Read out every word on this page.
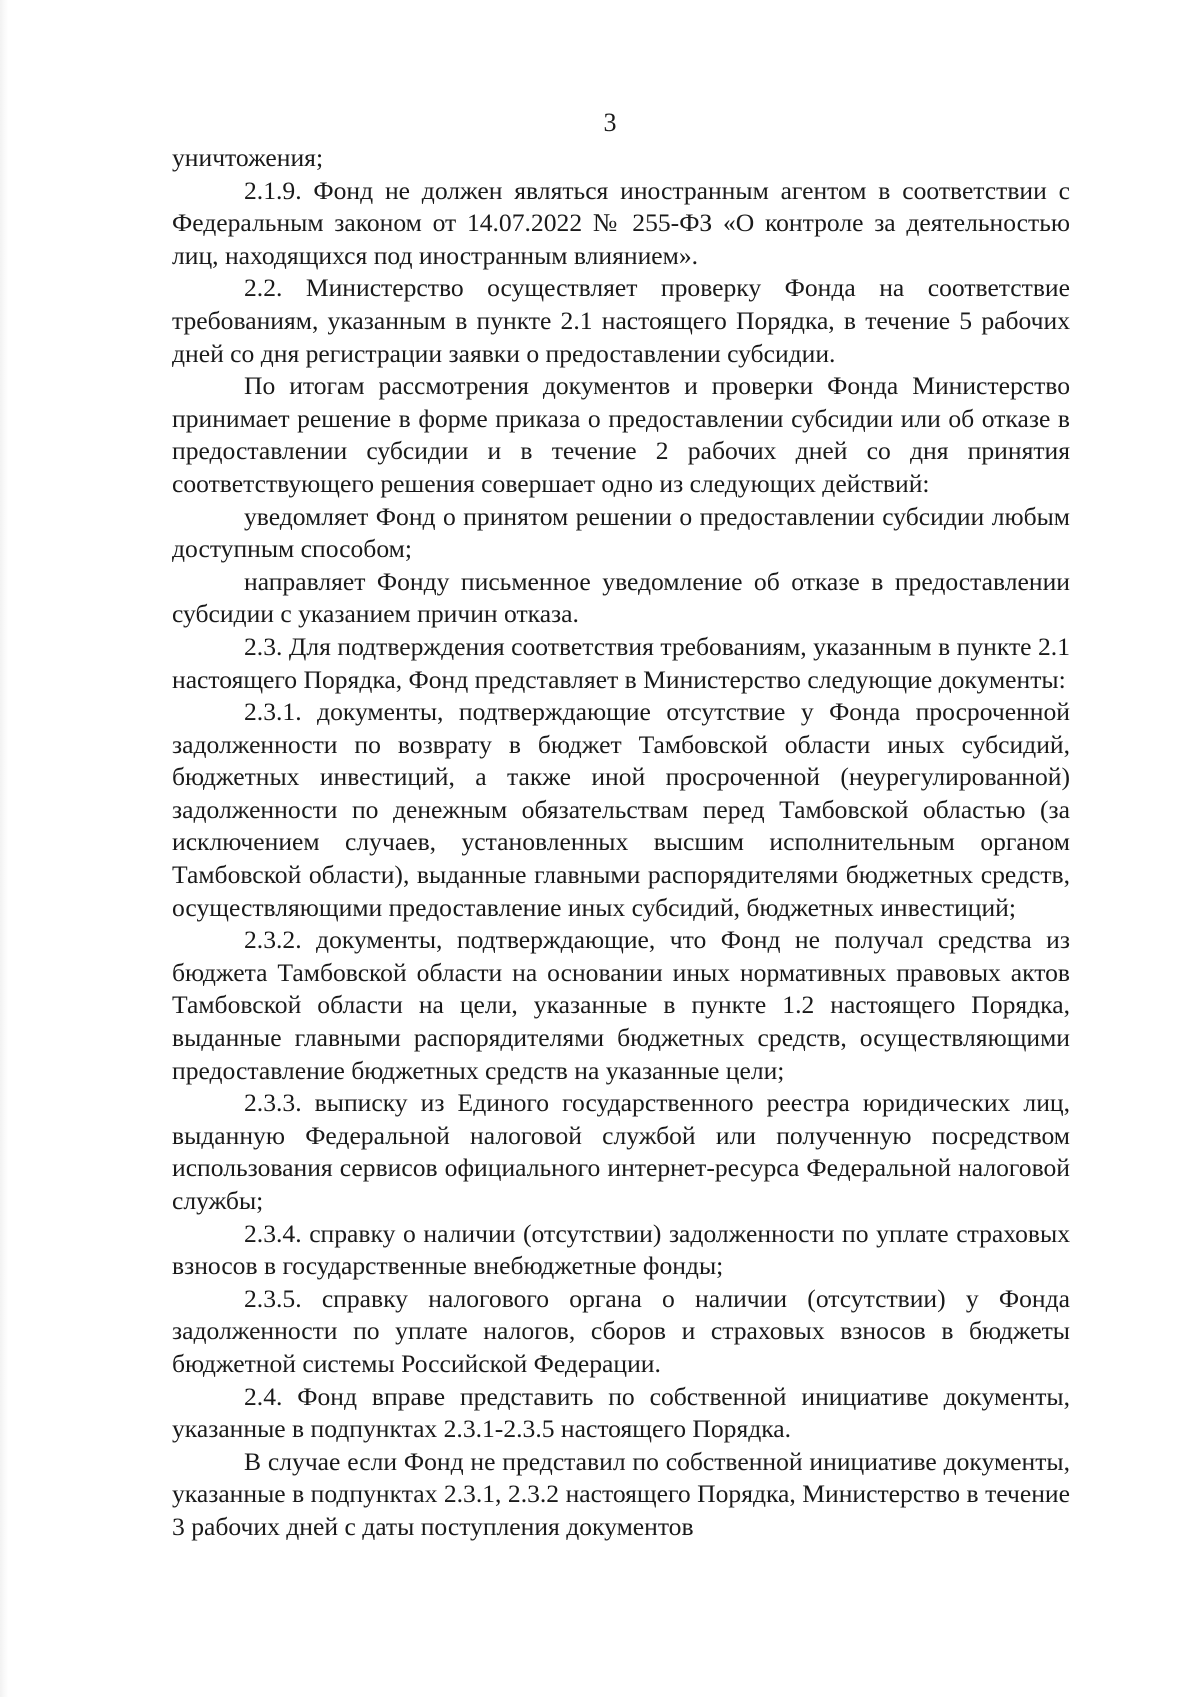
3

уничтожения;

2.1.9. Фонд не должен являться иностранным агентом в соответствии с Федеральным законом от 14.07.2022 № 255-ФЗ «О контроле за деятельностью лиц, находящихся под иностранным влиянием».

2.2. Министерство осуществляет проверку Фонда на соответствие требованиям, указанным в пункте 2.1 настоящего Порядка, в течение 5 рабочих дней со дня регистрации заявки о предоставлении субсидии.

По итогам рассмотрения документов и проверки Фонда Министерство принимает решение в форме приказа о предоставлении субсидии или об отказе в предоставлении субсидии и в течение 2 рабочих дней со дня принятия соответствующего решения совершает одно из следующих действий:

уведомляет Фонд о принятом решении о предоставлении субсидии любым доступным способом;

направляет Фонду письменное уведомление об отказе в предоставлении субсидии с указанием причин отказа.

2.3. Для подтверждения соответствия требованиям, указанным в пункте 2.1 настоящего Порядка, Фонд представляет в Министерство следующие документы:

2.3.1. документы, подтверждающие отсутствие у Фонда просроченной задолженности по возврату в бюджет Тамбовской области иных субсидий, бюджетных инвестиций, а также иной просроченной (неурегулированной) задолженности по денежным обязательствам перед Тамбовской областью (за исключением случаев, установленных высшим исполнительным органом Тамбовской области), выданные главными распорядителями бюджетных средств, осуществляющими предоставление иных субсидий, бюджетных инвестиций;

2.3.2. документы, подтверждающие, что Фонд не получал средства из бюджета Тамбовской области на основании иных нормативных правовых актов Тамбовской области на цели, указанные в пункте 1.2 настоящего Порядка, выданные главными распорядителями бюджетных средств, осуществляющими предоставление бюджетных средств на указанные цели;

2.3.3. выписку из Единого государственного реестра юридических лиц, выданную Федеральной налоговой службой или полученную посредством использования сервисов официального интернет-ресурса Федеральной налоговой службы;

2.3.4. справку о наличии (отсутствии) задолженности по уплате страховых взносов в государственные внебюджетные фонды;

2.3.5. справку налогового органа о наличии (отсутствии) у Фонда задолженности по уплате налогов, сборов и страховых взносов в бюджеты бюджетной системы Российской Федерации.

2.4. Фонд вправе представить по собственной инициативе документы, указанные в подпунктах 2.3.1-2.3.5 настоящего Порядка.

В случае если Фонд не представил по собственной инициативе документы, указанные в подпунктах 2.3.1, 2.3.2 настоящего Порядка, Министерство в течение 3 рабочих дней с даты поступления документов
